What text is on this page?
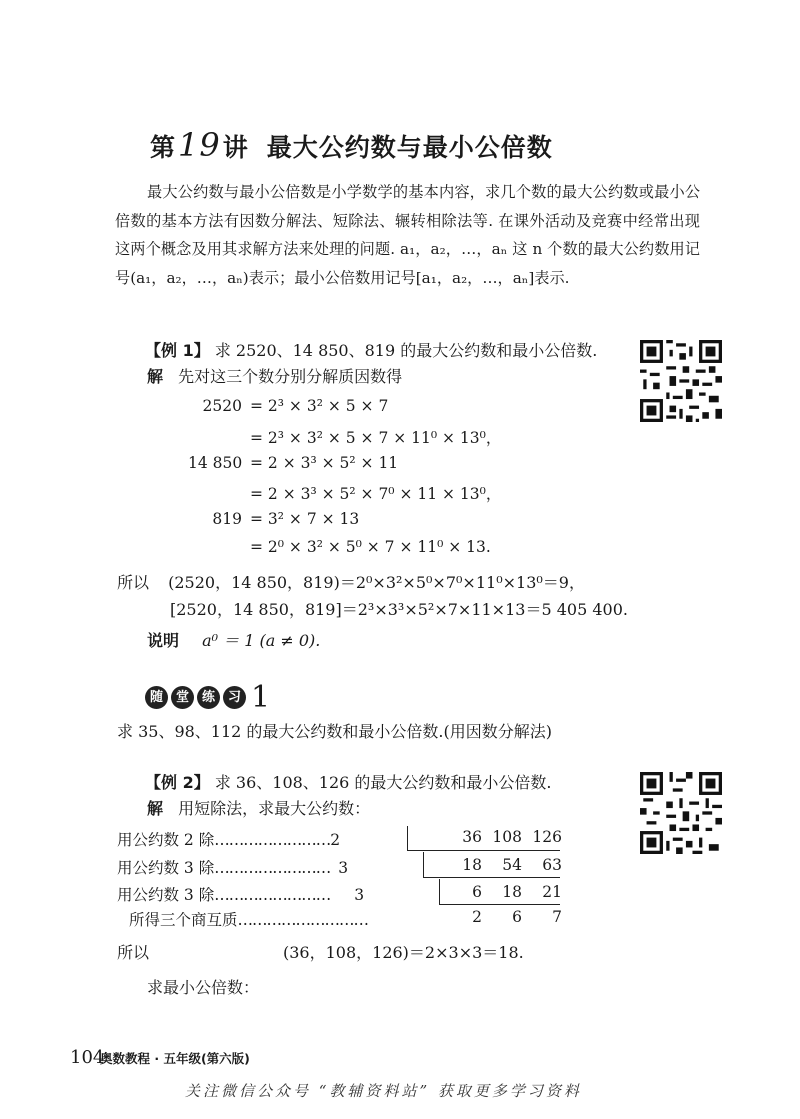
第19讲 最大公约数与最小公倍数
最大公约数与最小公倍数是小学数学的基本内容，求几个数的最大公约数或最小公倍数的基本方法有因数分解法、短除法、辗转相除法等. 在课外活动及竞赛中经常出现这两个概念及用其求解方法来处理的问题. a₁，a₂，…，aₙ 这 n 个数的最大公约数用记号(a₁，a₂，…，aₙ)表示；最小公倍数用记号[a₁，a₂，…，aₙ]表示.
【例 1】 求 2520、14 850、819 的最大公约数和最小公倍数.
解 先对这三个数分别分解质因数得
2520 = 2³ × 3² × 5 × 7
= 2³ × 3² × 5 × 7 × 11⁰ × 13⁰，
14 850 = 2 × 3³ × 5² × 11
= 2 × 3³ × 5² × 7⁰ × 11 × 13⁰，
819 = 3² × 7 × 13
= 2⁰ × 3² × 5⁰ × 7 × 11⁰ × 13.
所以 (2520，14 850，819)＝2⁰×3²×5⁰×7⁰×11⁰×13⁰＝9，
[2520，14 850，819]＝2³×3³×5²×7×11×13＝5 405 400.
说明 a⁰ ＝ 1 (a ≠ 0).
随 堂 练 习 1
求 35、98、112 的最大公约数和最小公倍数.(用因数分解法)
【例 2】 求 36、108、126 的最大公约数和最小公倍数.
解 用短除法，求最大公约数：
用公约数 2 除……………………2	36 108 126
用公约数 3 除…………………… 3	18	54	63
用公约数 3 除…………………… 3	6	18	21
所得三个商互质………………………	2	6	7
所以	(36，108，126)＝2×3×3＝18.
求最小公倍数：
104
奥数教程 · 五年级(第六版)
关注微信公众号 “教辅资料站” 获取更多学习资料
